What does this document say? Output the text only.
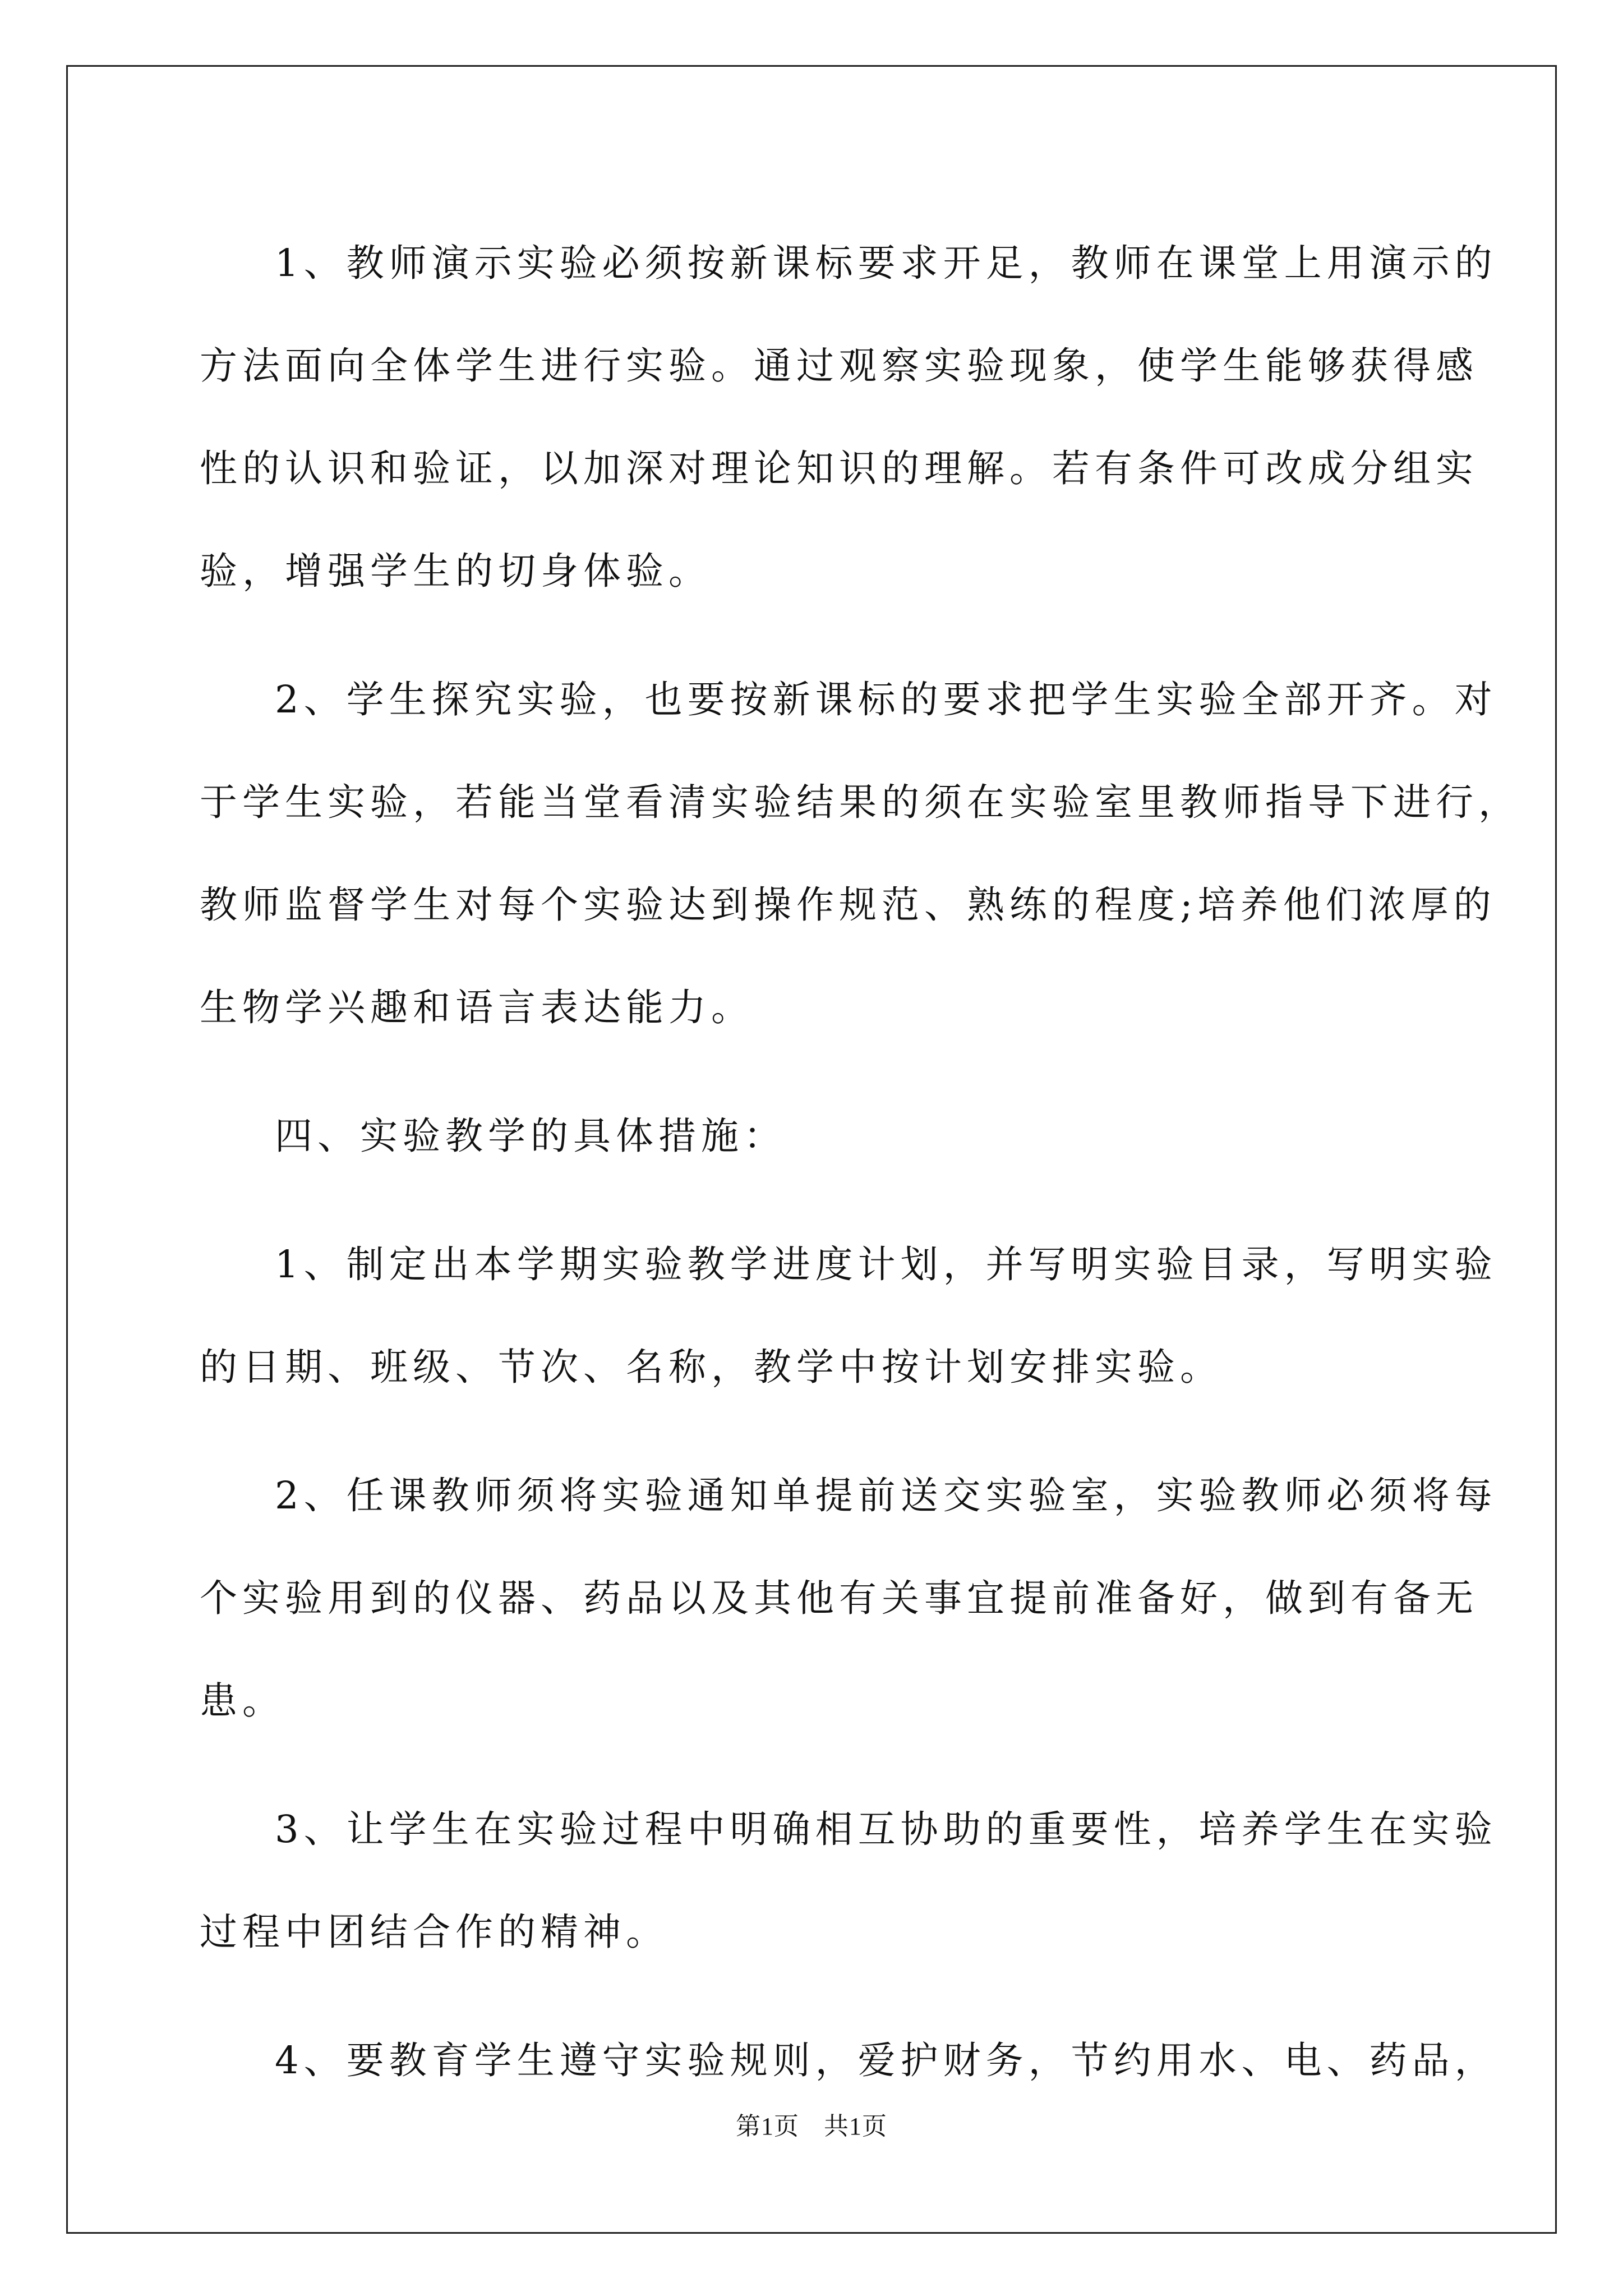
1、教师演示实验必须按新课标要求开足，教师在课堂上用演示的
方法面向全体学生进行实验。通过观察实验现象，使学生能够获得感
性的认识和验证，以加深对理论知识的理解。若有条件可改成分组实
验，增强学生的切身体验。
2、学生探究实验，也要按新课标的要求把学生实验全部开齐。对
于学生实验，若能当堂看清实验结果的须在实验室里教师指导下进行，
教师监督学生对每个实验达到操作规范、熟练的程度;培养他们浓厚的
生物学兴趣和语言表达能力。
四、实验教学的具体措施：
1、制定出本学期实验教学进度计划，并写明实验目录，写明实验
的日期、班级、节次、名称，教学中按计划安排实验。
2、任课教师须将实验通知单提前送交实验室，实验教师必须将每
个实验用到的仪器、药品以及其他有关事宜提前准备好，做到有备无
患。
3、让学生在实验过程中明确相互协助的重要性，培养学生在实验
过程中团结合作的精神。
4、要教育学生遵守实验规则，爱护财务，节约用水、电、药品，
第1页 共1页
